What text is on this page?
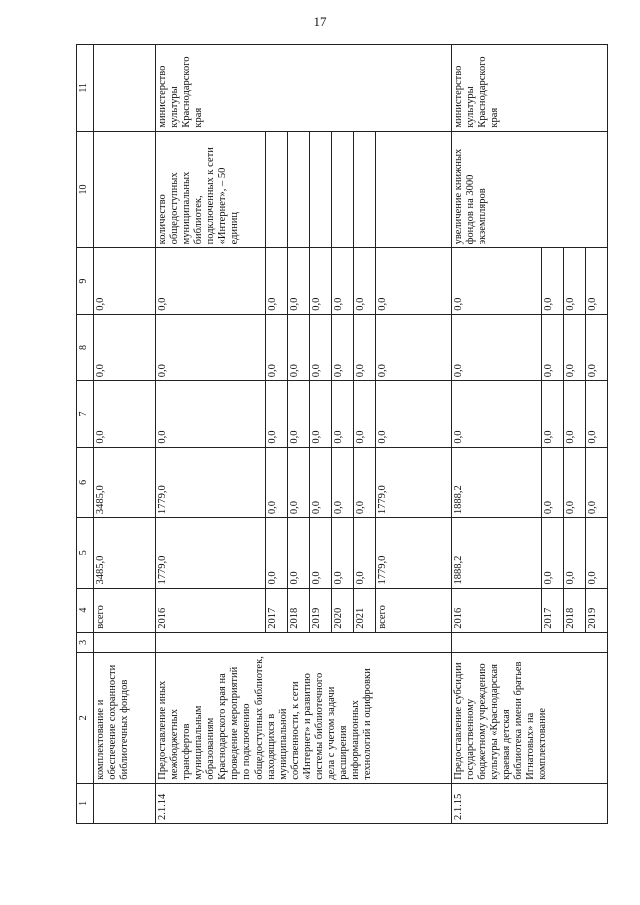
17
1	2	3	4	5	6	7	8	9	10	11
	комплектование и обеспечение сохранности библиотечных фондов		всего	3485,0	3485,0	0,0	0,0	0,0		
2.1.14	Предоставление иных межбюджетных трансфертов муниципальным образованиям Краснодарского края на проведение мероприятий по подключению общедоступных библиотек, находящихся в муниципальной собственности, к сети «Интернет» и развитию системы библиотечного дела с учетом задачи расширения информационных технологий и оцифровки		2016	1779,0	1779,0	0,0	0,0	0,0	количество общедоступных муниципальных библиотек, подключенных к сети «Интернет», – 50 единиц	министерство культуры Краснодарского края
			2017	0,0	0,0	0,0	0,0	0,0		
			2018	0,0	0,0	0,0	0,0	0,0		
			2019	0,0	0,0	0,0	0,0	0,0		
			2020	0,0	0,0	0,0	0,0	0,0		
			2021	0,0	0,0	0,0	0,0	0,0		
			всего	1779,0	1779,0	0,0	0,0	0,0		
2.1.15	Предоставление субсидии государственному бюджетному учреждению культуры «Краснодарская краевая детская библиотека имени братьев Игнатовых» на комплектование		2016	1888,2	1888,2	0,0	0,0	0,0	увеличение книжных фондов на 3000 экземпляров	министерство культуры Краснодарского края
			2017	0,0	0,0	0,0	0,0	0,0		
			2018	0,0	0,0	0,0	0,0	0,0		
			2019	0,0	0,0	0,0	0,0	0,0		
